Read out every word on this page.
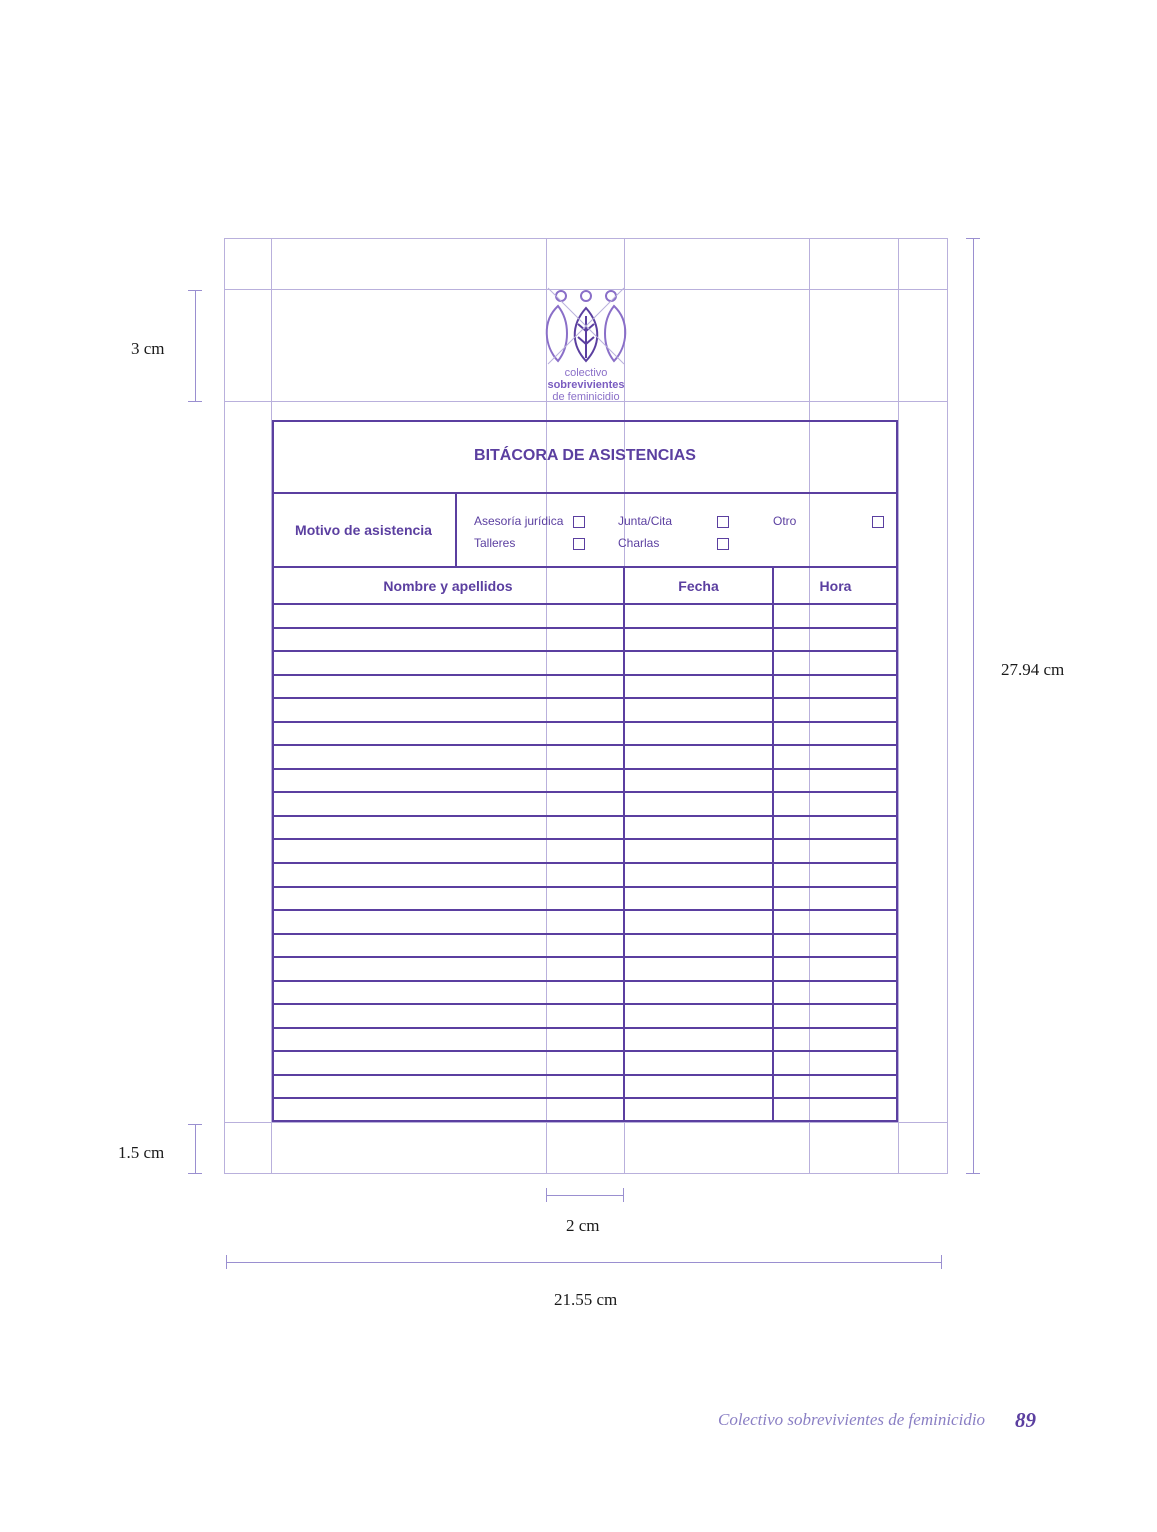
colectivo
sobrevivientes
de feminicidio
BITÁCORA DE ASISTENCIAS
Motivo de asistencia
Asesoría jurídica	Junta/Cita	Otro
Talleres	Charlas
Nombre y apellidos	Fecha	Hora
3 cm
1.5 cm
27.94 cm
2 cm
21.55 cm
Colectivo sobrevivientes de feminicidio 89
